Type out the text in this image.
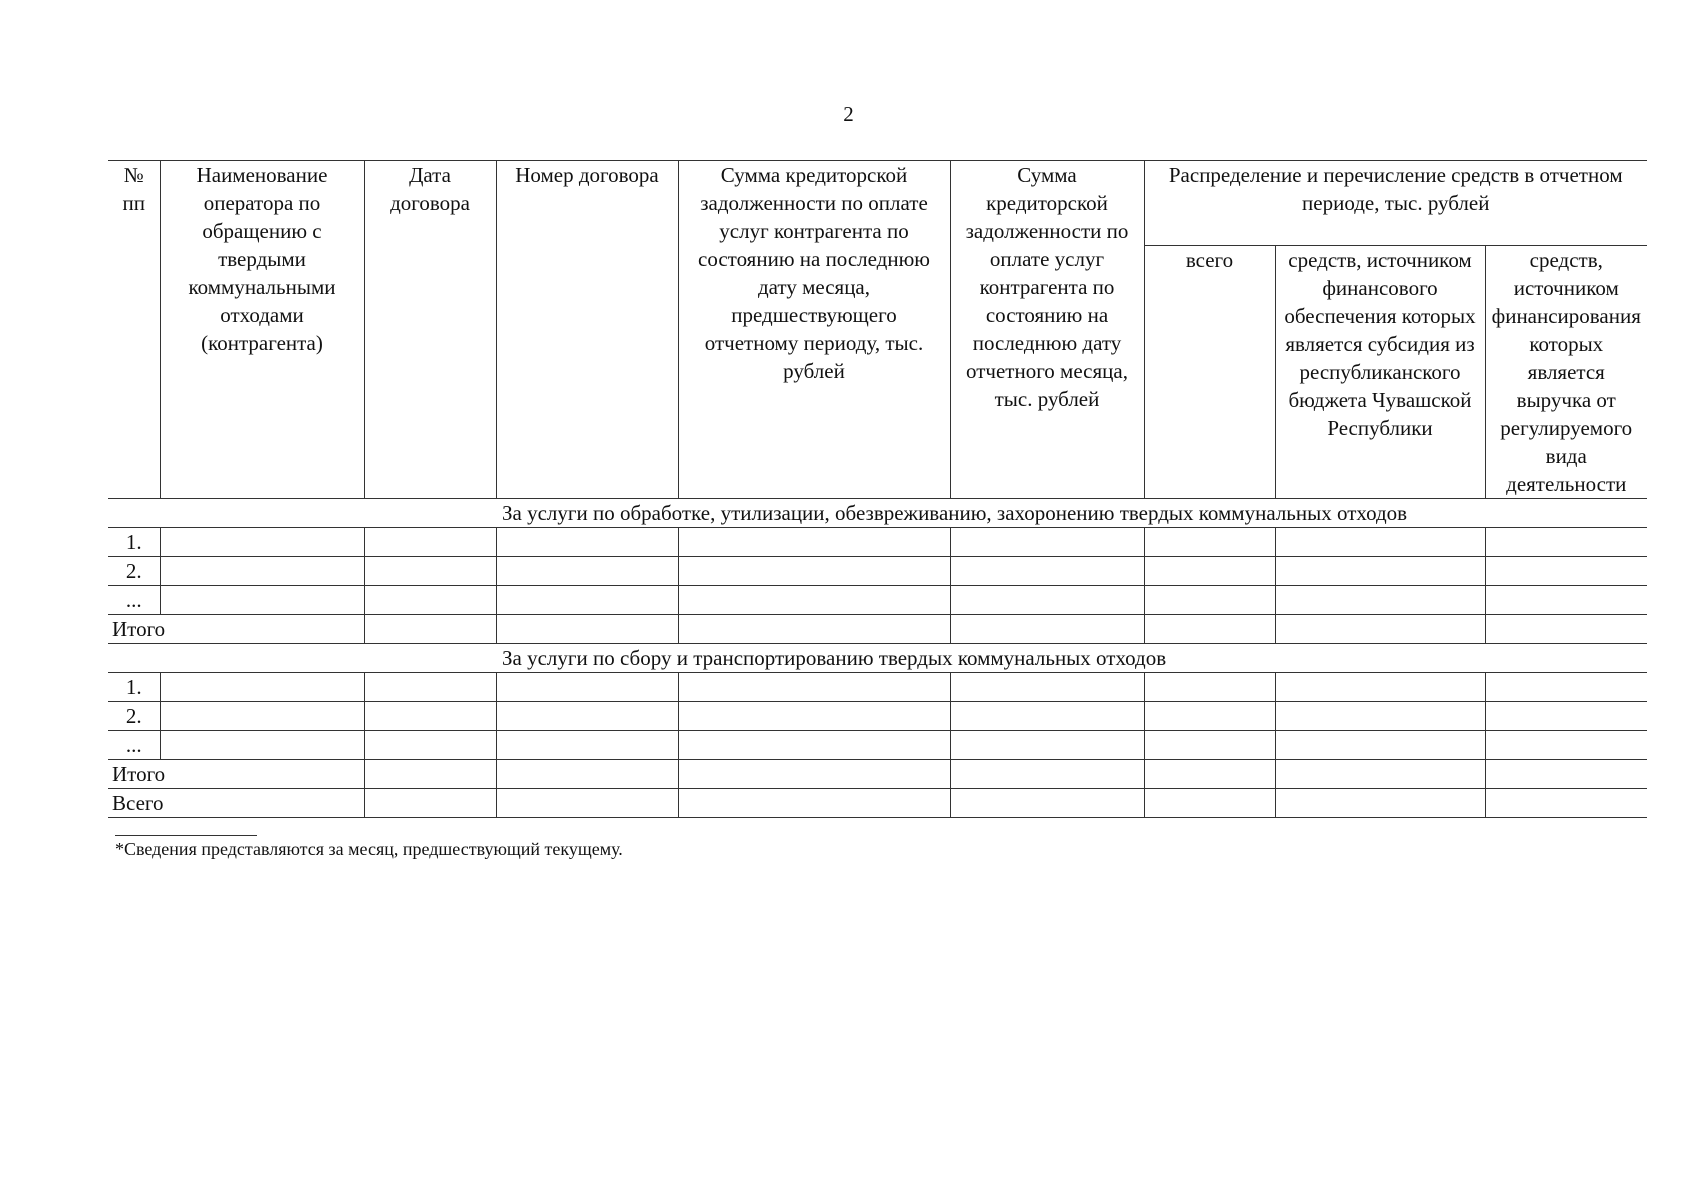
2
№ пп	Наименование оператора по обращению с твердыми коммунальными отходами (контрагента)	Дата договора	Номер договора	Сумма кредиторской задолженности по оплате услуг контрагента по состоянию на последнюю дату месяца, предшествующего отчетному периоду, тыс. рублей	Сумма кредиторской задолженности по оплате услуг контрагента по состоянию на последнюю дату отчетного месяца, тыс. рублей	Распределение и перечисление средств в отчетном периоде, тыс. рублей		
						всего	средств, источником финансового обеспечения которых является субсидия из республиканского бюджета Чувашской Республики	средств, источником финансирования которых является выручка от регулируемого вида деятельности
			За услуги по обработке, утилизации, обезвреживанию, захоронению твердых коммунальных отходов					
1.								
2.								
...								
Итого								
			За услуги по сбору и транспортированию твердых коммунальных отходов					
1.								
2.								
...								
Итого								
Всего								
*Сведения представляются за месяц, предшествующий текущему.
